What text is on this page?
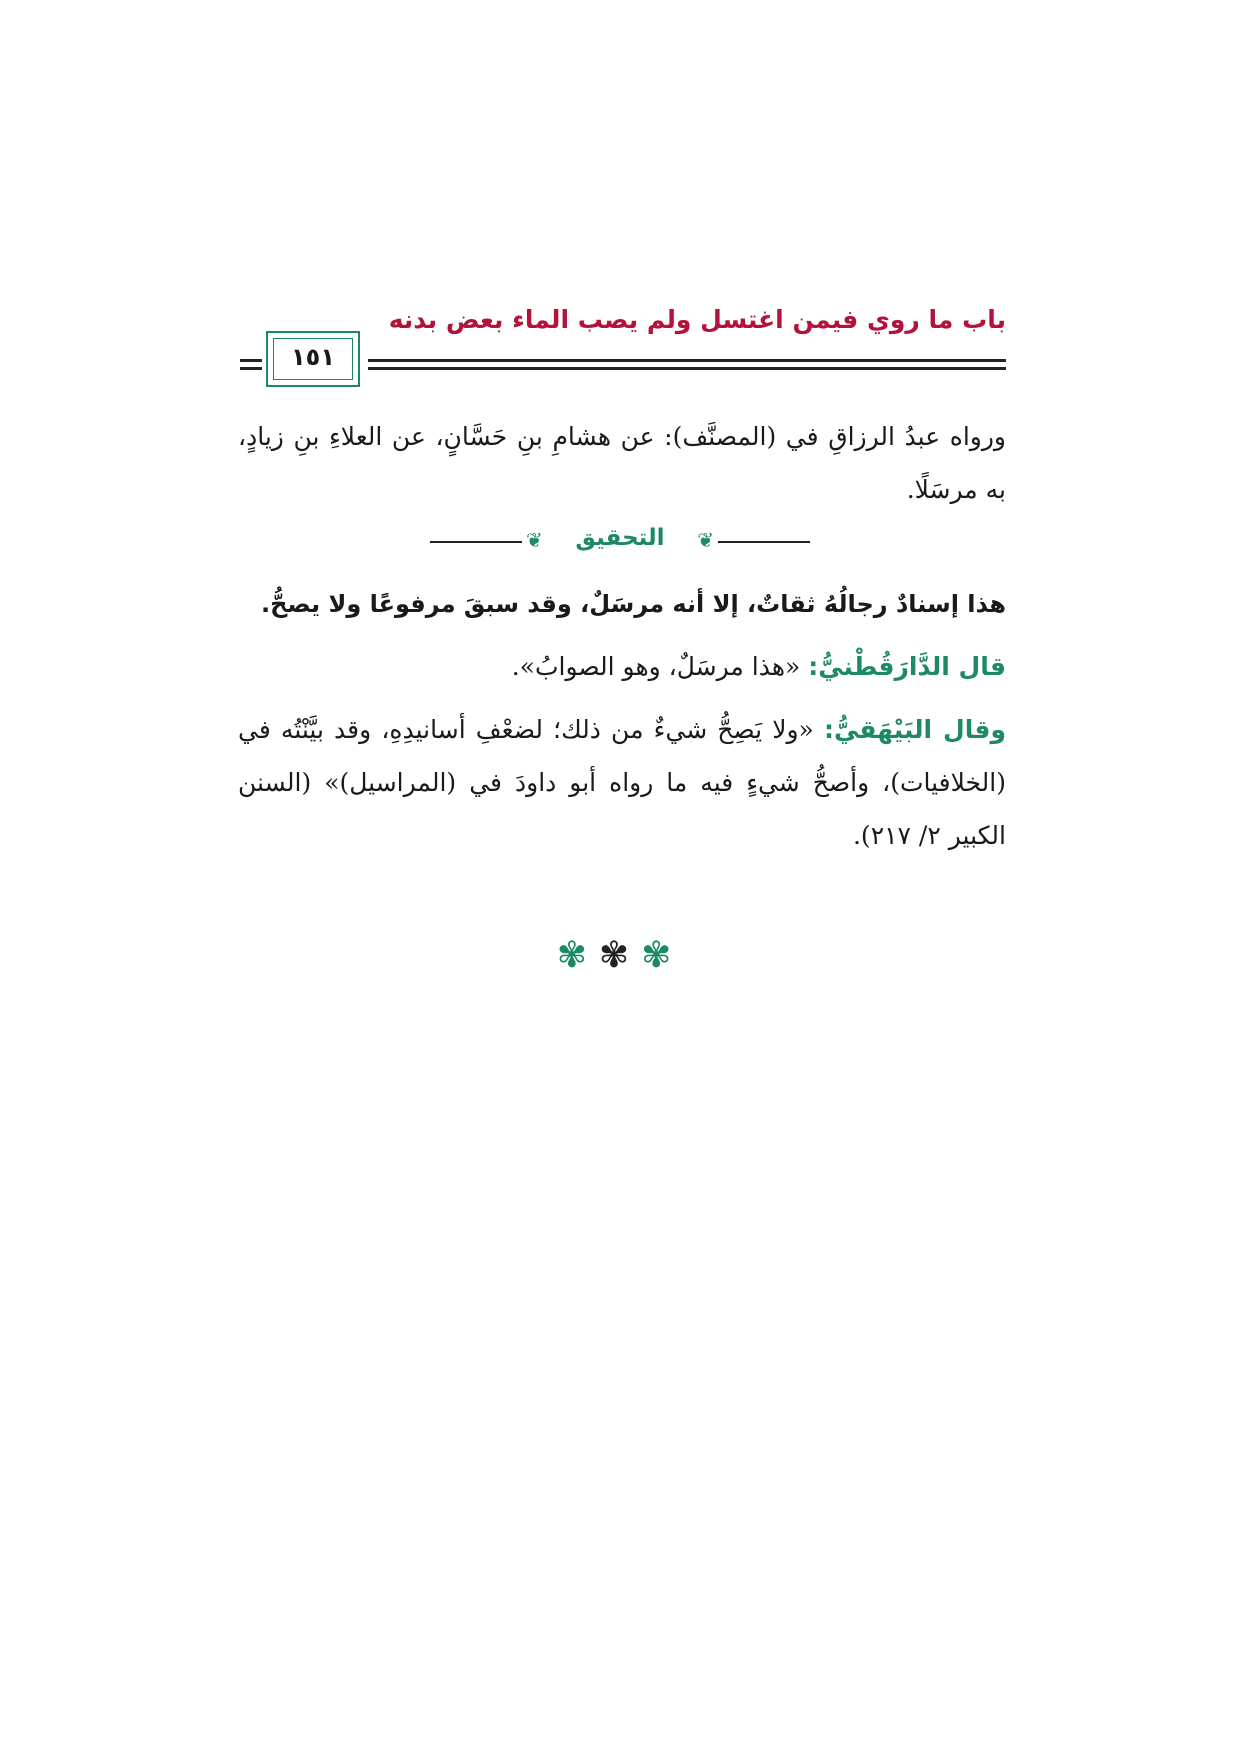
باب ما روي فيمن اغتسل ولم يصب الماء بعض بدنه
١٥١
ورواه عبدُ الرزاقِ في (المصنَّف): عن هشامِ بنِ حَسَّانٍ، عن العلاءِ بنِ زيادٍ، به مرسَلًا.
❦	❦
التحقيق
هذا إسنادٌ رجالُهُ ثقاتٌ، إلا أنه مرسَلٌ، وقد سبقَ مرفوعًا ولا يصحُّ.
قال الدَّارَقُطْنيُّ: «هذا مرسَلٌ، وهو الصوابُ».
وقال البَيْهَقيُّ: «ولا يَصِحُّ شيءٌ من ذلك؛ لضعْفِ أسانيدِهِ، وقد بيَّنْتُه في (الخلافيات)، وأصحُّ شيءٍ فيه ما رواه أبو داودَ في (المراسيل)» (السنن الكبير ٢/ ٢١٧).
✾✾✾
